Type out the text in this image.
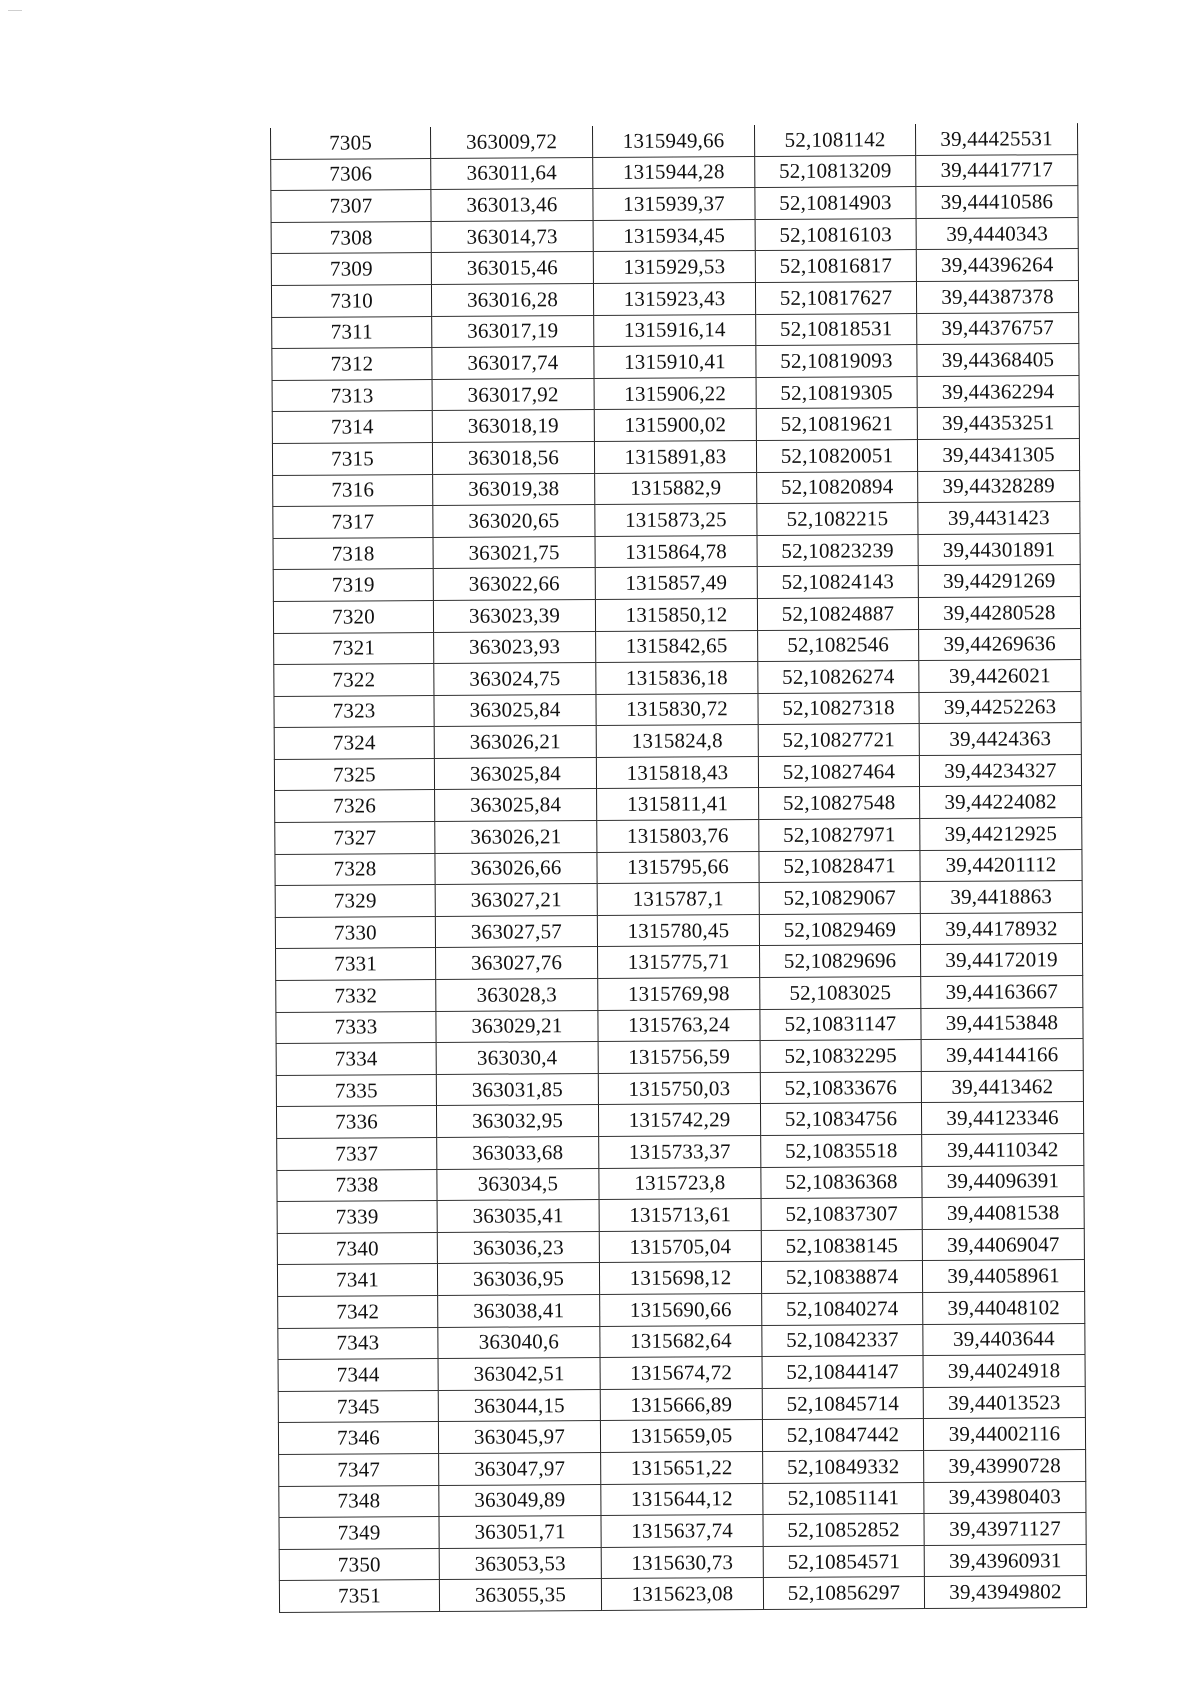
7305	363009,72	1315949,66	52,1081142	39,44425531
7306	363011,64	1315944,28	52,10813209	39,44417717
7307	363013,46	1315939,37	52,10814903	39,44410586
7308	363014,73	1315934,45	52,10816103	39,4440343
7309	363015,46	1315929,53	52,10816817	39,44396264
7310	363016,28	1315923,43	52,10817627	39,44387378
7311	363017,19	1315916,14	52,10818531	39,44376757
7312	363017,74	1315910,41	52,10819093	39,44368405
7313	363017,92	1315906,22	52,10819305	39,44362294
7314	363018,19	1315900,02	52,10819621	39,44353251
7315	363018,56	1315891,83	52,10820051	39,44341305
7316	363019,38	1315882,9	52,10820894	39,44328289
7317	363020,65	1315873,25	52,1082215	39,4431423
7318	363021,75	1315864,78	52,10823239	39,44301891
7319	363022,66	1315857,49	52,10824143	39,44291269
7320	363023,39	1315850,12	52,10824887	39,44280528
7321	363023,93	1315842,65	52,1082546	39,44269636
7322	363024,75	1315836,18	52,10826274	39,4426021
7323	363025,84	1315830,72	52,10827318	39,44252263
7324	363026,21	1315824,8	52,10827721	39,4424363
7325	363025,84	1315818,43	52,10827464	39,44234327
7326	363025,84	1315811,41	52,10827548	39,44224082
7327	363026,21	1315803,76	52,10827971	39,44212925
7328	363026,66	1315795,66	52,10828471	39,44201112
7329	363027,21	1315787,1	52,10829067	39,4418863
7330	363027,57	1315780,45	52,10829469	39,44178932
7331	363027,76	1315775,71	52,10829696	39,44172019
7332	363028,3	1315769,98	52,1083025	39,44163667
7333	363029,21	1315763,24	52,10831147	39,44153848
7334	363030,4	1315756,59	52,10832295	39,44144166
7335	363031,85	1315750,03	52,10833676	39,4413462
7336	363032,95	1315742,29	52,10834756	39,44123346
7337	363033,68	1315733,37	52,10835518	39,44110342
7338	363034,5	1315723,8	52,10836368	39,44096391
7339	363035,41	1315713,61	52,10837307	39,44081538
7340	363036,23	1315705,04	52,10838145	39,44069047
7341	363036,95	1315698,12	52,10838874	39,44058961
7342	363038,41	1315690,66	52,10840274	39,44048102
7343	363040,6	1315682,64	52,10842337	39,4403644
7344	363042,51	1315674,72	52,10844147	39,44024918
7345	363044,15	1315666,89	52,10845714	39,44013523
7346	363045,97	1315659,05	52,10847442	39,44002116
7347	363047,97	1315651,22	52,10849332	39,43990728
7348	363049,89	1315644,12	52,10851141	39,43980403
7349	363051,71	1315637,74	52,10852852	39,43971127
7350	363053,53	1315630,73	52,10854571	39,43960931
7351	363055,35	1315623,08	52,10856297	39,43949802
